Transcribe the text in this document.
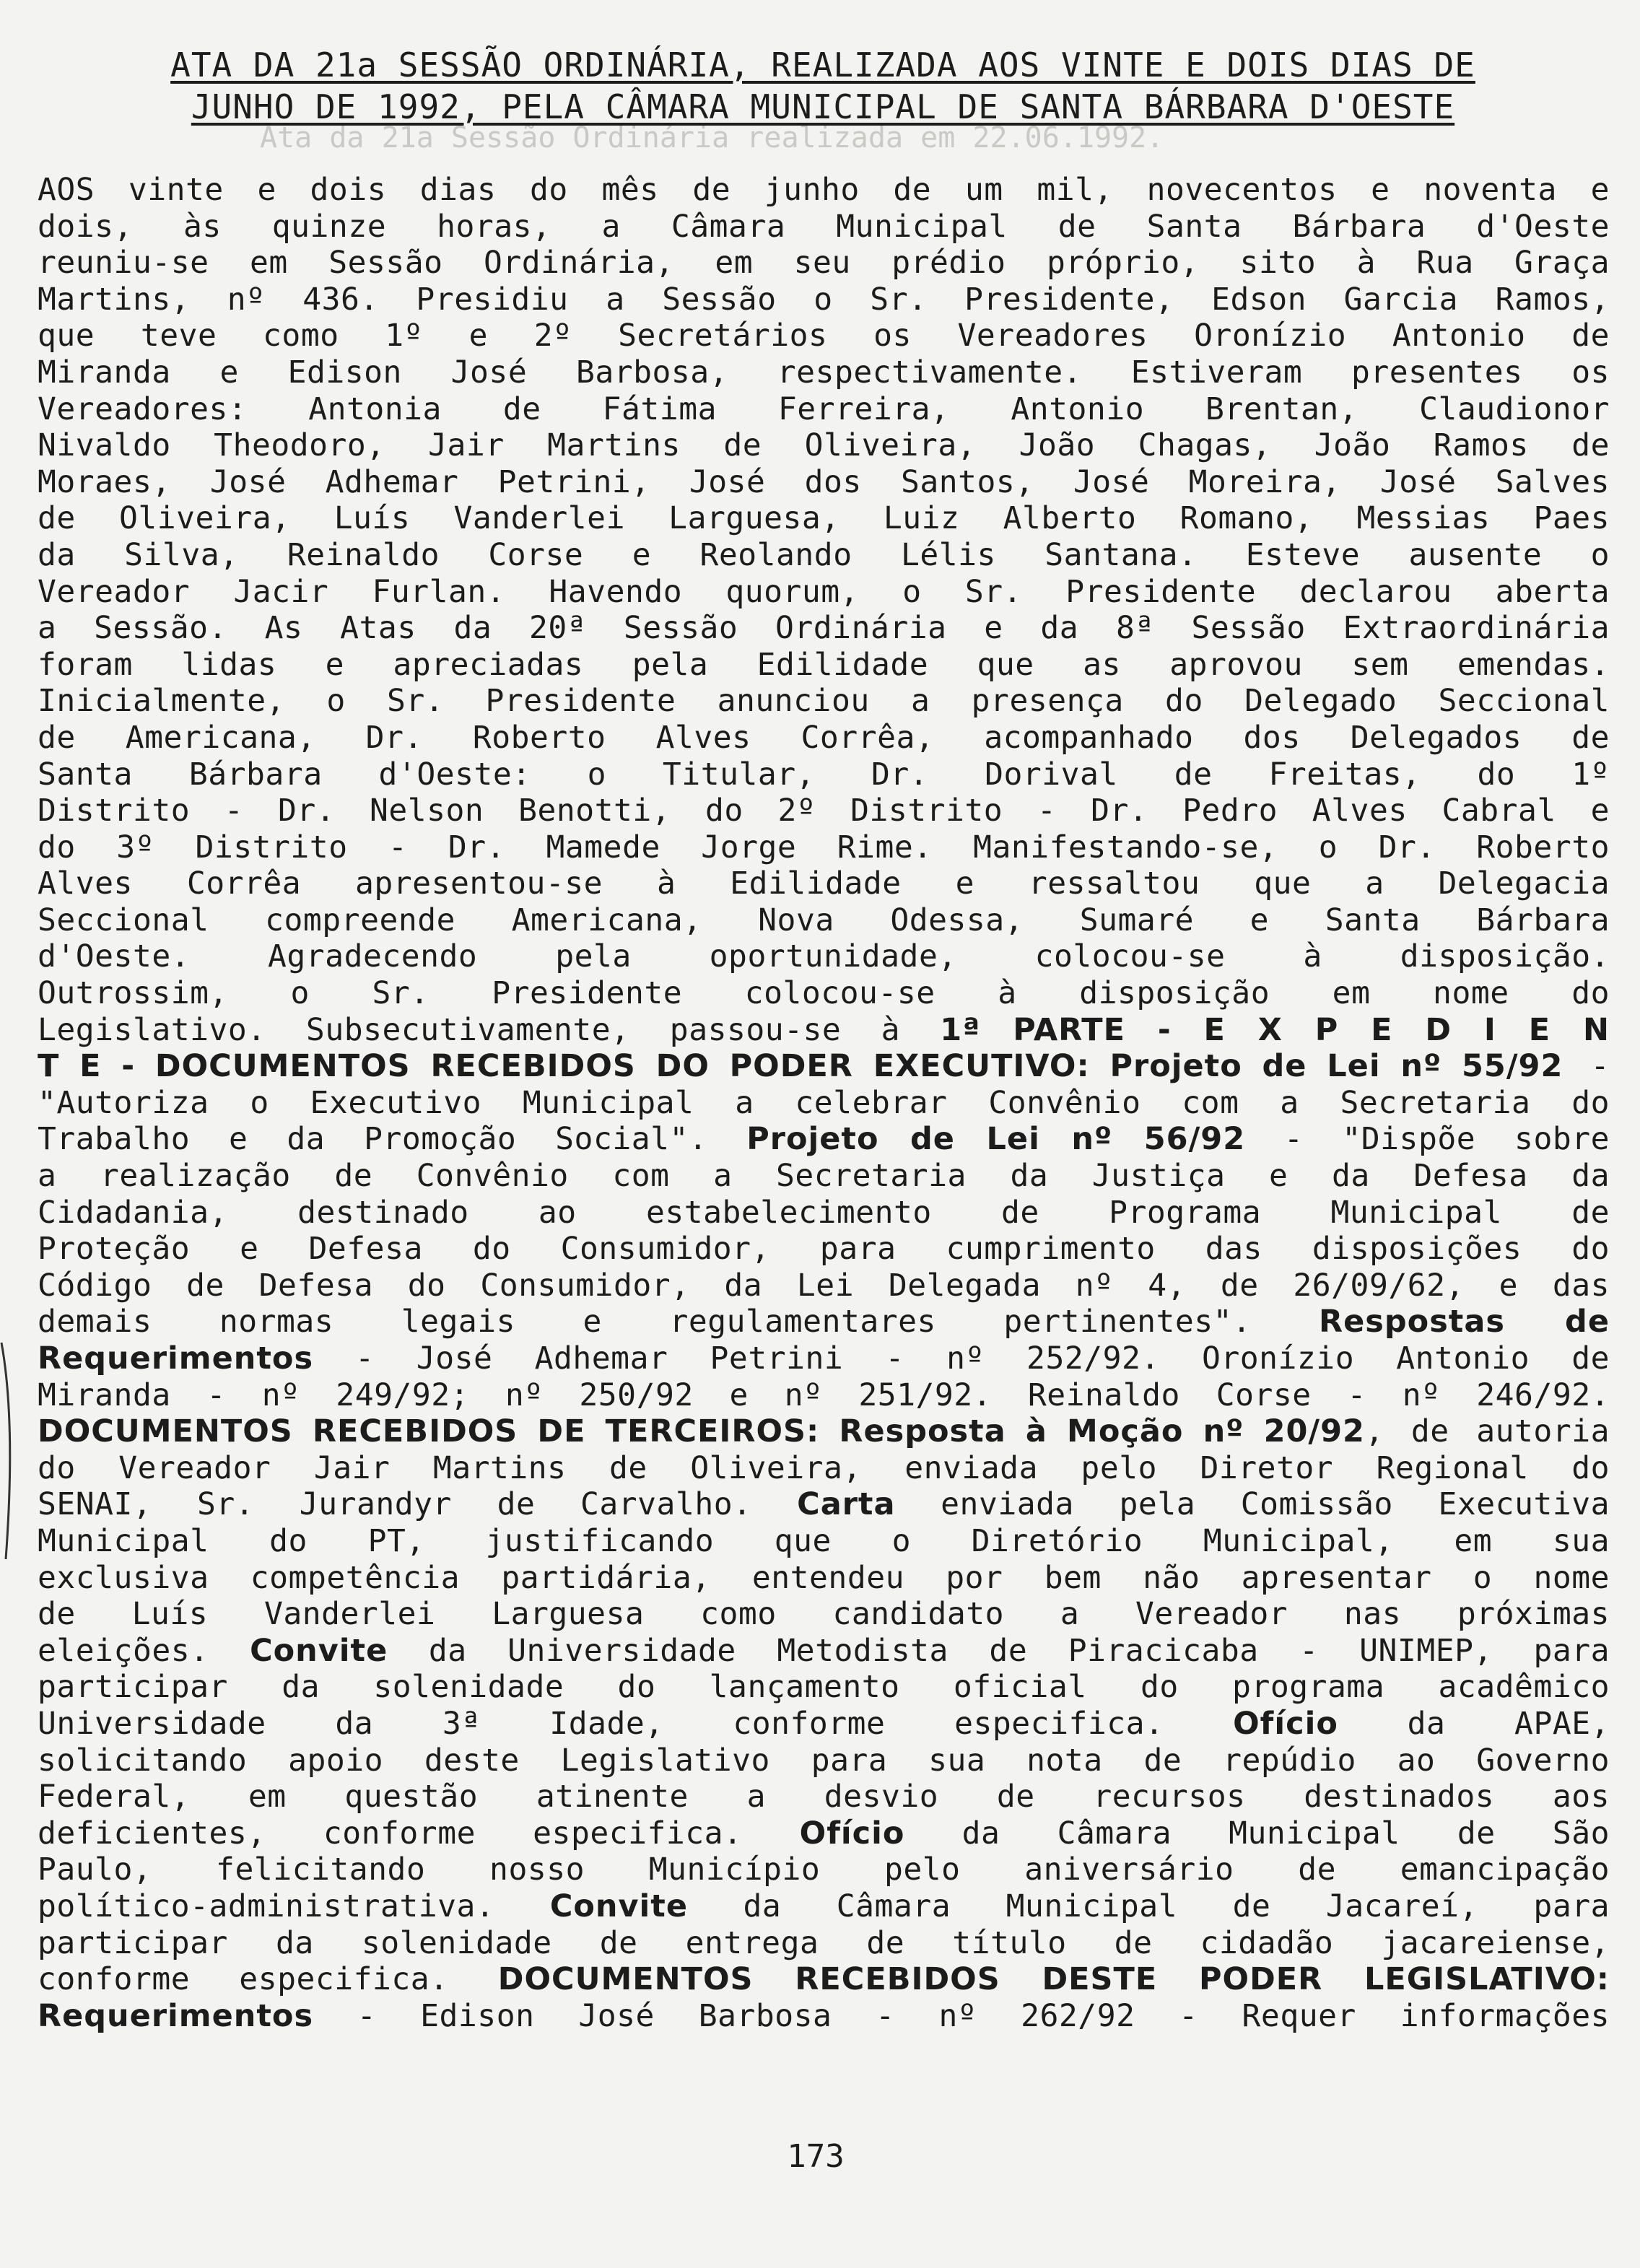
Ata da 21a Sessão Ordinária realizada em 22.06.1992.
ATA DA 21a SESSÃO ORDINÁRIA, REALIZADA AOS VINTE E DOIS DIAS DE
JUNHO DE 1992, PELA CÂMARA MUNICIPAL DE SANTA BÁRBARA D'OESTE
AOS vinte e dois dias do mês de junho de um mil, novecentos e noventa e
dois, às quinze horas, a Câmara Municipal de Santa Bárbara d'Oeste
reuniu-se em Sessão Ordinária, em seu prédio próprio, sito à Rua Graça
Martins, nº 436. Presidiu a Sessão o Sr. Presidente, Edson Garcia Ramos,
que teve como 1º e 2º Secretários os Vereadores Oronízio Antonio de
Miranda e Edison José Barbosa, respectivamente. Estiveram presentes os
Vereadores: Antonia de Fátima Ferreira, Antonio Brentan, Claudionor
Nivaldo Theodoro, Jair Martins de Oliveira, João Chagas, João Ramos de
Moraes, José Adhemar Petrini, José dos Santos, José Moreira, José Salves
de Oliveira, Luís Vanderlei Larguesa, Luiz Alberto Romano, Messias Paes
da Silva, Reinaldo Corse e Reolando Lélis Santana. Esteve ausente o
Vereador Jacir Furlan. Havendo quorum, o Sr. Presidente declarou aberta
a Sessão. As Atas da 20ª Sessão Ordinária e da 8ª Sessão Extraordinária
foram lidas e apreciadas pela Edilidade que as aprovou sem emendas.
Inicialmente, o Sr. Presidente anunciou a presença do Delegado Seccional
de Americana, Dr. Roberto Alves Corrêa, acompanhado dos Delegados de
Santa Bárbara d'Oeste: o Titular, Dr. Dorival de Freitas, do 1º
Distrito - Dr. Nelson Benotti, do 2º Distrito - Dr. Pedro Alves Cabral e
do 3º Distrito - Dr. Mamede Jorge Rime. Manifestando-se, o Dr. Roberto
Alves Corrêa apresentou-se à Edilidade e ressaltou que a Delegacia
Seccional compreende Americana, Nova Odessa, Sumaré e Santa Bárbara
d'Oeste. Agradecendo pela oportunidade, colocou-se à disposição.
Outrossim, o Sr. Presidente colocou-se à disposição em nome do
Legislativo. Subsecutivamente, passou-se à 1ª PARTE - E X P E D I E N
T E - DOCUMENTOS RECEBIDOS DO PODER EXECUTIVO: Projeto de Lei nº 55/92 -
"Autoriza o Executivo Municipal a celebrar Convênio com a Secretaria do
Trabalho e da Promoção Social". Projeto de Lei nº 56/92 - "Dispõe sobre
a realização de Convênio com a Secretaria da Justiça e da Defesa da
Cidadania, destinado ao estabelecimento de Programa Municipal de
Proteção e Defesa do Consumidor, para cumprimento das disposições do
Código de Defesa do Consumidor, da Lei Delegada nº 4, de 26/09/62, e das
demais normas legais e regulamentares pertinentes". Respostas de
Requerimentos - José Adhemar Petrini - nº 252/92. Oronízio Antonio de
Miranda - nº 249/92; nº 250/92 e nº 251/92. Reinaldo Corse - nº 246/92.
DOCUMENTOS RECEBIDOS DE TERCEIROS: Resposta à Moção nº 20/92, de autoria
do Vereador Jair Martins de Oliveira, enviada pelo Diretor Regional do
SENAI, Sr. Jurandyr de Carvalho. Carta enviada pela Comissão Executiva
Municipal do PT, justificando que o Diretório Municipal, em sua
exclusiva competência partidária, entendeu por bem não apresentar o nome
de Luís Vanderlei Larguesa como candidato a Vereador nas próximas
eleições. Convite da Universidade Metodista de Piracicaba - UNIMEP, para
participar da solenidade do lançamento oficial do programa acadêmico
Universidade da 3ª Idade, conforme especifica. Ofício da APAE,
solicitando apoio deste Legislativo para sua nota de repúdio ao Governo
Federal, em questão atinente a desvio de recursos destinados aos
deficientes, conforme especifica. Ofício da Câmara Municipal de São
Paulo, felicitando nosso Município pelo aniversário de emancipação
político-administrativa. Convite da Câmara Municipal de Jacareí, para
participar da solenidade de entrega de título de cidadão jacareiense,
conforme especifica. DOCUMENTOS RECEBIDOS DESTE PODER LEGISLATIVO:
Requerimentos - Edison José Barbosa - nº 262/92 - Requer informações
173
